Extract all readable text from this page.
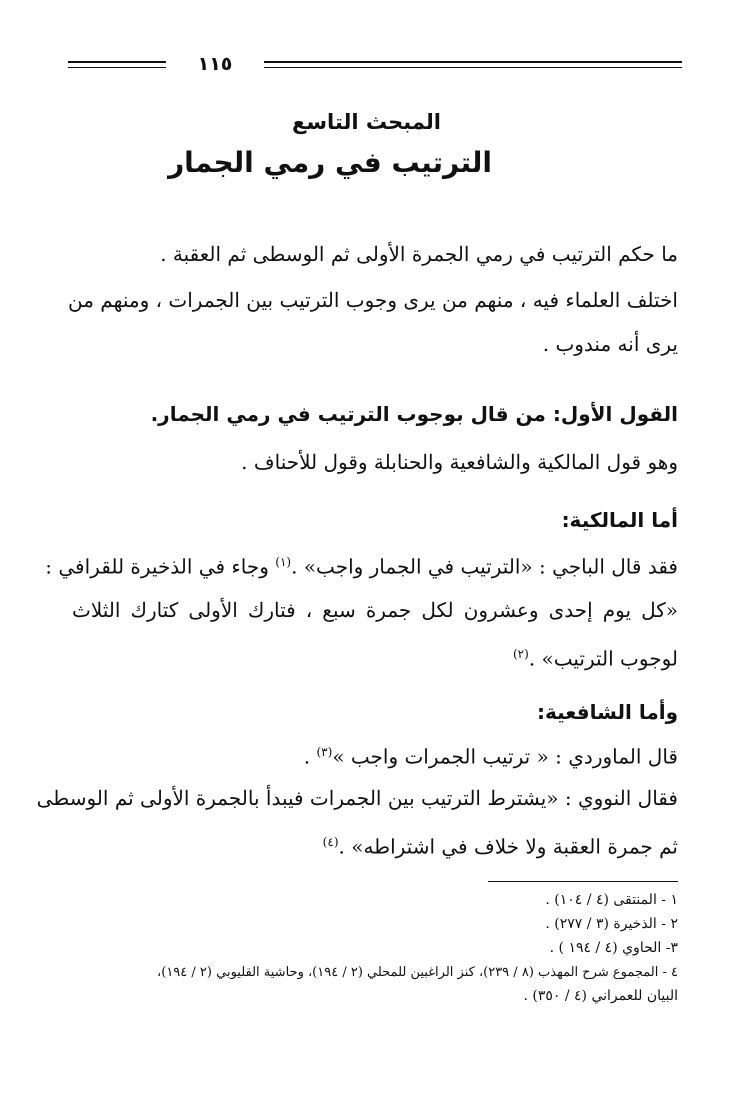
١١٥
المبحث التاسع
الترتيب في رمي الجمار
ما حكم الترتيب في رمي الجمرة الأولى ثم الوسطى ثم العقبة .
اختلف العلماء فيه ، منهم من يرى وجوب الترتيب بين الجمرات ، ومنهم من
يرى أنه مندوب .
القول الأول: من قال بوجوب الترتيب في رمي الجمار.
وهو قول المالكية والشافعية والحنابلة وقول للأحناف .
أما المالكية:
فقد قال الباجي : «الترتيب في الجمار واجب» .$^{(١)}$ وجاء في الذخيرة للقرافي :
«كل يوم إحدى وعشرون لكل جمرة سبع ، فتارك الأولى كتارك الثلاث
لوجوب الترتيب» .$^{(٢)}$
وأما الشافعية:
قال الماوردي : « ترتيب الجمرات واجب »$^{(٣)}$ .
فقال النووي : «يشترط الترتيب بين الجمرات فيبدأ بالجمرة الأولى ثم الوسطى
ثم جمرة العقبة ولا خلاف في اشتراطه» .$^{(٤)}$
١ - المنتقى (٤ / ١٠٤) .
٢ - الذخيرة (٣ / ٢٧٧) .
٣- الحاوي (٤ / ١٩٤ ) .
٤ - المجموع شرح المهذب (٨ / ٢٣٩)، كنز الراغبين للمحلي (٢ / ١٩٤)، وحاشية القليوبي (٢ / ١٩٤)،
البيان للعمراني (٤ / ٣٥٠) .
